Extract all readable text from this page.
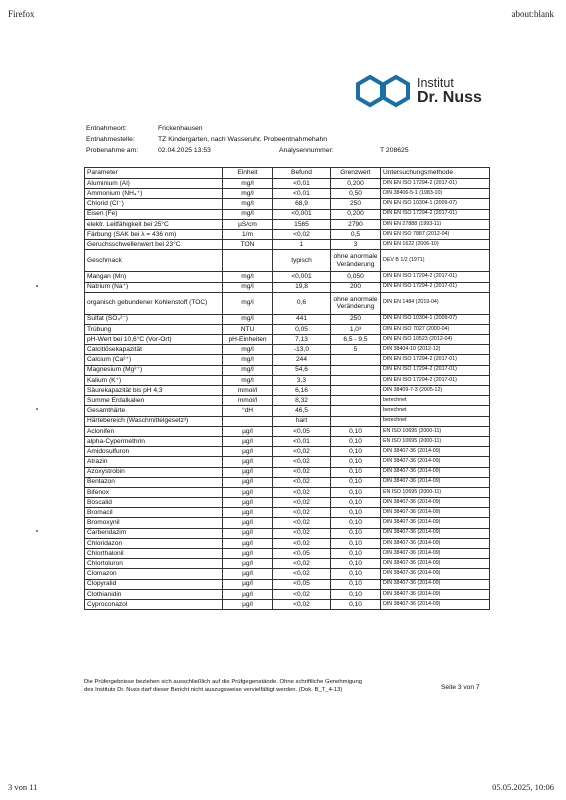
Firefox	about:blank
Institut
Dr. Nuss
Entnahmeort:	Frickenhausen
Entnahmestelle:	TZ Kindergarten, nach Wasseruhr, Probeentnahmehahn
Probenahme am:	02.04.2025 13:53	Analysennummer:	T 208625
Parameter	Einheit	Befund	Grenzwert	Untersuchungsmethode
Aluminium (Al)	mg/l	<0,01	0,200	DIN EN ISO 17294-2 (2017-01)
Ammonium (NH₄⁺)	mg/l	<0,01	0,50	DIN 38406-5-1 (1983-10)
Chlorid (Cl⁻)	mg/l	68,9	250	DIN EN ISO 10304-1 (2009-07)
Eisen (Fe)	mg/l	<0,001	0,200	DIN EN ISO 17294-2 (2017-01)
elektr. Leitfähigkeit bei 25°C	µS/cm	1565	2790	DIN EN 27888 (1993-11)
Färbung (SAK bei λ = 436 nm)	1/m	<0,02	0,5	DIN EN ISO 7887 (2012-04)
Geruchsschwellenwert bei 23°C	TON	1	3	DIN EN 1622 (2006-10)
Geschmack		typisch	ohne anormale Veränderung	DEV B 1/2 (1971)
Mangan (Mn)	mg/l	<0,001	0,050	DIN EN ISO 17294-2 (2017-01)
Natrium (Na⁺)	mg/l	19,8	200	DIN EN ISO 17294-2 (2017-01)
organisch gebundener Kohlenstoff (TOC)	mg/l	0,6	ohne anormale Veränderung	DIN EN 1484 (2019-04)
Sulfat (SO₄²⁻)	mg/l	441	250	DIN EN ISO 10304-1 (2009-07)
Trübung	NTU	0,05	1,0³	DIN EN ISO 7027 (2000-04)
pH-Wert bei 10,6°C (Vor-Ort)	pH-Einheiten	7,13	6,5 - 9,5	DIN EN ISO 10523 (2012-04)
Calcitlösekapazität	mg/l	-13,0	5	DIN 38404-10 (2012-12)
Calcium (Ca²⁺)	mg/l	244		DIN EN ISO 17294-2 (2017-01)
Magnesium (Mg²⁺)	mg/l	54,6		DIN EN ISO 17294-2 (2017-01)
Kalium (K⁺)	mg/l	3,3		DIN EN ISO 17294-2 (2017-01)
Säurekapazität bis pH 4,3	mmol/l	6,16		DIN 38409-7-3 (2005-12)
Summe Erdalkalien	mmol/l	8,32		berechnet
Gesamthärte	°dH	46,5		berechnet
Härtebereich (Waschmittelgesetz³)		hart		berechnet
Aclonifen	µg/l	<0,05	0,10	EN ISO 10695 (2000-11)
alpha-Cypermethrin	µg/l	<0,01	0,10	EN ISO 10695 (2000-11)
Amidosulfuron	µg/l	<0,02	0,10	DIN 38407-36 (2014-09)
Atrazin	µg/l	<0,02	0,10	DIN 38407-36 (2014-09)
Azoxystrobin	µg/l	<0,02	0,10	DIN 38407-36 (2014-09)
Bentazon	µg/l	<0,02	0,10	DIN 38407-36 (2014-09)
Bifenox	µg/l	<0,02	0,10	EN ISO 10695 (2000-11)
Boscalid	µg/l	<0,02	0,10	DIN 38407-36 (2014-09)
Bromacil	µg/l	<0,02	0,10	DIN 38407-36 (2014-09)
Bromoxynil	µg/l	<0,02	0,10	DIN 38407-36 (2014-09)
Carbendazim	µg/l	<0,02	0,10	DIN 38407-36 (2014-09)
Chloridazon	µg/l	<0,02	0,10	DIN 38407-36 (2014-09)
Chlorthalonil	µg/l	<0,05	0,10	DIN 38407-36 (2014-09)
Chlortoluron	µg/l	<0,02	0,10	DIN 38407-36 (2014-09)
Clomazon	µg/l	<0,02	0,10	DIN 38407-36 (2014-09)
Clopyralid	µg/l	<0,05	0,10	DIN 38407-36 (2014-09)
Clothianidin	µg/l	<0,02	0,10	DIN 38407-36 (2014-09)
Cyproconazol	µg/l	<0,02	0,10	DIN 38407-36 (2014-09)
Die Prüfergebnisse beziehen sich ausschließlich auf die Prüfgegenstände. Ohne schriftliche Genehmigung
des Instituts Dr. Nuss darf dieser Bericht nicht auszugsweise vervielfältigt werden. (Dok. B_T_4-13)	Seite 3 von 7
3 von 11	05.05.2025, 10:06
